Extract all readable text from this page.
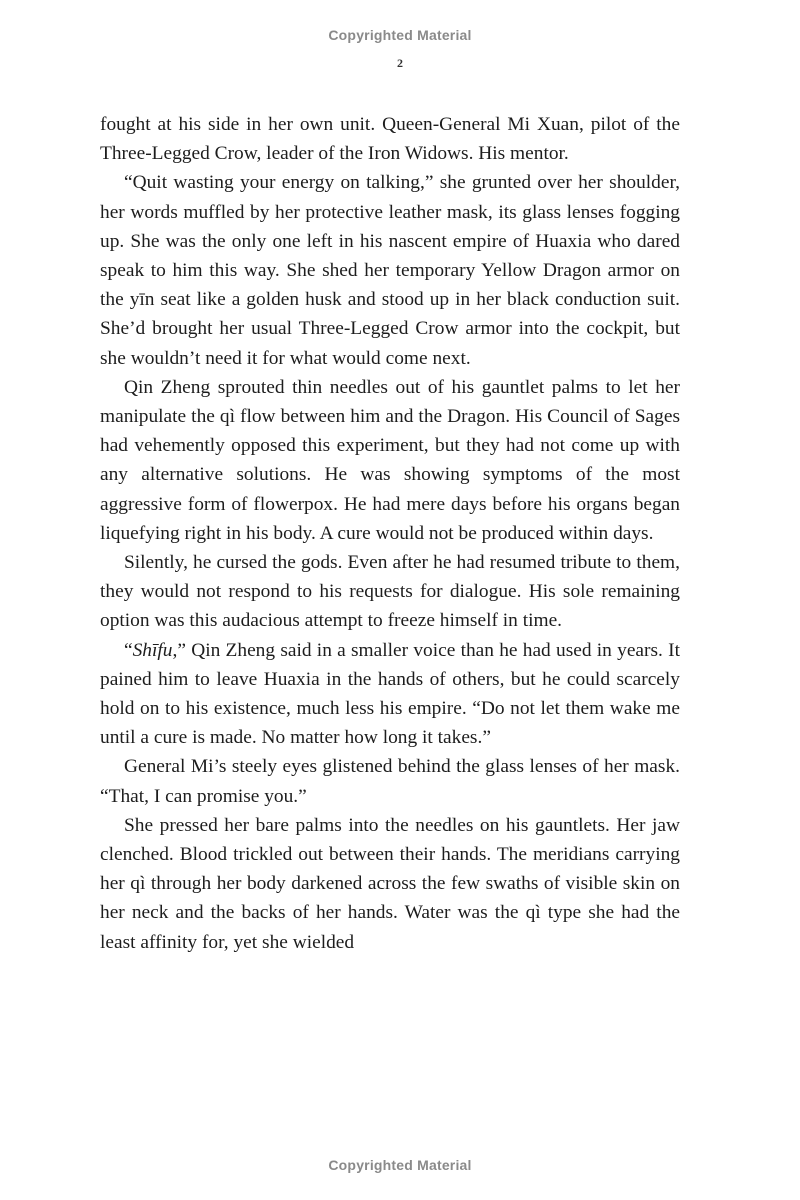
Copyrighted Material
2

fought at his side in her own unit. Queen-General Mi Xuan, pilot of the Three-Legged Crow, leader of the Iron Widows. His mentor.

“Quit wasting your energy on talking,” she grunted over her shoulder, her words muffled by her protective leather mask, its glass lenses fogging up. She was the only one left in his nascent empire of Huaxia who dared speak to him this way. She shed her temporary Yellow Dragon armor on the yīn seat like a golden husk and stood up in her black conduction suit. She’d brought her usual Three-Legged Crow armor into the cockpit, but she wouldn’t need it for what would come next.

Qin Zheng sprouted thin needles out of his gauntlet palms to let her manipulate the qì flow between him and the Dragon. His Council of Sages had vehemently opposed this experiment, but they had not come up with any alternative solutions. He was showing symptoms of the most aggressive form of flowerpox. He had mere days before his organs began liquefying right in his body. A cure would not be produced within days.

Silently, he cursed the gods. Even after he had resumed tribute to them, they would not respond to his requests for dialogue. His sole remaining option was this audacious attempt to freeze himself in time.

“Shīfu,” Qin Zheng said in a smaller voice than he had used in years. It pained him to leave Huaxia in the hands of others, but he could scarcely hold on to his existence, much less his empire. “Do not let them wake me until a cure is made. No matter how long it takes.”

General Mi’s steely eyes glistened behind the glass lenses of her mask. “That, I can promise you.”

She pressed her bare palms into the needles on his gauntlets. Her jaw clenched. Blood trickled out between their hands. The meridians carrying her qì through her body darkened across the few swaths of visible skin on her neck and the backs of her hands. Water was the qì type she had the least affinity for, yet she wielded

Copyrighted Material
